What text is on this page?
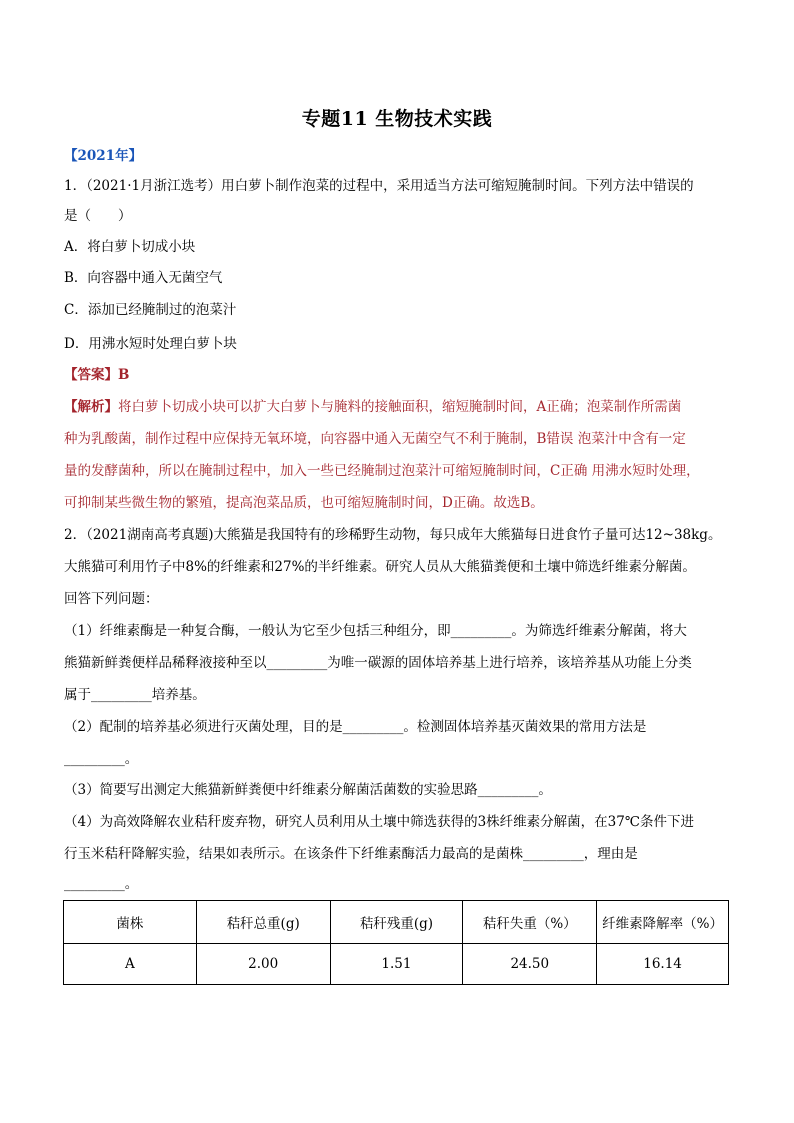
专题11 生物技术实践
【2021年】
1．（2021·1月浙江选考）用白萝卜制作泡菜的过程中，采用适当方法可缩短腌制时间。下列方法中错误的
是（　　）
A．将白萝卜切成小块
B．向容器中通入无菌空气
C．添加已经腌制过的泡菜汁
D．用沸水短时处理白萝卜块
【答案】B
【解析】将白萝卜切成小块可以扩大白萝卜与腌料的接触面积，缩短腌制时间，A正确；泡菜制作所需菌
种为乳酸菌，制作过程中应保持无氧环境，向容器中通入无菌空气不利于腌制，B错误 泡菜汁中含有一定
量的发酵菌种，所以在腌制过程中，加入一些已经腌制过泡菜汁可缩短腌制时间，C正确 用沸水短时处理，
可抑制某些微生物的繁殖，提高泡菜品质，也可缩短腌制时间，D正确。故选B。
2．（2021湖南高考真题)大熊猫是我国特有的珍稀野生动物，每只成年大熊猫每日进食竹子量可达12~38kg。
大熊猫可利用竹子中8%的纤维素和27%的半纤维素。研究人员从大熊猫粪便和土壤中筛选纤维素分解菌。
回答下列问题：
（1）纤维素酶是一种复合酶，一般认为它至少包括三种组分，即_________。为筛选纤维素分解菌，将大
熊猫新鲜粪便样品稀释液接种至以_________为唯一碳源的固体培养基上进行培养，该培养基从功能上分类
属于_________培养基。
（2）配制的培养基必须进行灭菌处理，目的是_________。检测固体培养基灭菌效果的常用方法是
_________。
（3）简要写出测定大熊猫新鲜粪便中纤维素分解菌活菌数的实验思路_________。
（4）为高效降解农业秸秆废弃物，研究人员利用从土壤中筛选获得的3株纤维素分解菌，在37℃条件下进
行玉米秸秆降解实验，结果如表所示。在该条件下纤维素酶活力最高的是菌株_________，理由是
_________。
菌株	秸秆总重(g)	秸秆残重(g)	秸秆失重（%）	纤维素降解率（%）
A	2.00	1.51	24.50	16.14
